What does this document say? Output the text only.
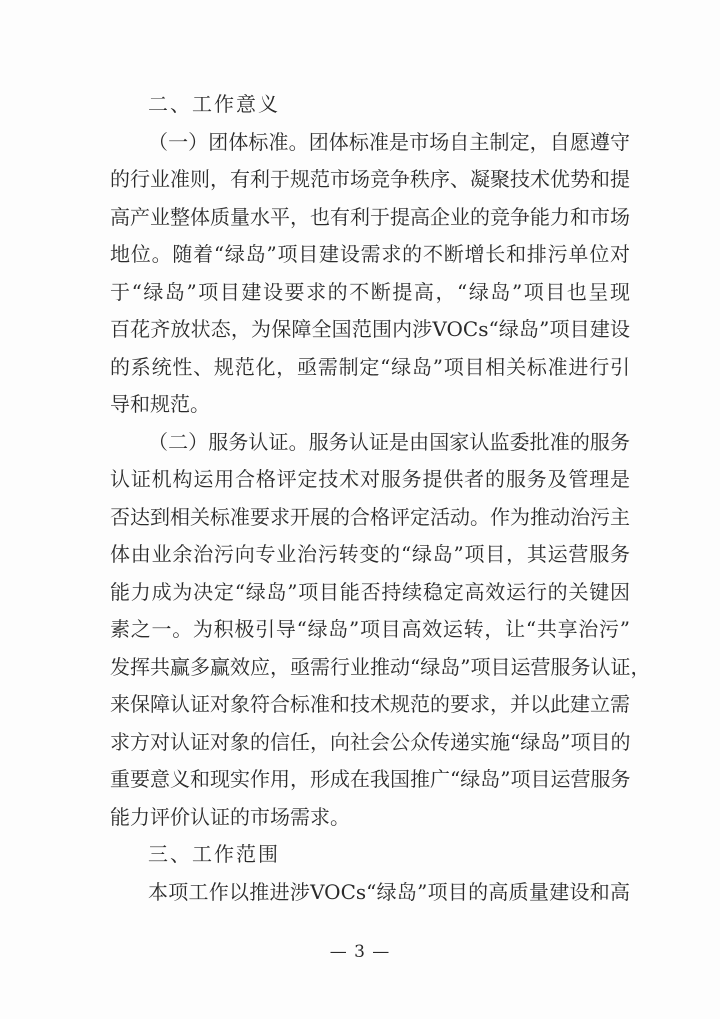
二、工作意义
（一）团体标准。团体标准是市场自主制定，自愿遵守
的行业准则，有利于规范市场竞争秩序、凝聚技术优势和提
高产业整体质量水平，也有利于提高企业的竞争能力和市场
地位。随着“绿岛”项目建设需求的不断增长和排污单位对
于“绿岛”项目建设要求的不断提高，“绿岛”项目也呈现
百花齐放状态，为保障全国范围内涉VOCs“绿岛”项目建设
的系统性、规范化，亟需制定“绿岛”项目相关标准进行引
导和规范。
（二）服务认证。服务认证是由国家认监委批准的服务
认证机构运用合格评定技术对服务提供者的服务及管理是
否达到相关标准要求开展的合格评定活动。作为推动治污主
体由业余治污向专业治污转变的“绿岛”项目，其运营服务
能力成为决定“绿岛”项目能否持续稳定高效运行的关键因
素之一。为积极引导“绿岛”项目高效运转，让“共享治污”
发挥共赢多赢效应，亟需行业推动“绿岛”项目运营服务认证，
来保障认证对象符合标准和技术规范的要求，并以此建立需
求方对认证对象的信任，向社会公众传递实施“绿岛”项目的
重要意义和现实作用，形成在我国推广“绿岛”项目运营服务
能力评价认证的市场需求。
三、工作范围
本项工作以推进涉VOCs“绿岛”项目的高质量建设和高
— 3 —
